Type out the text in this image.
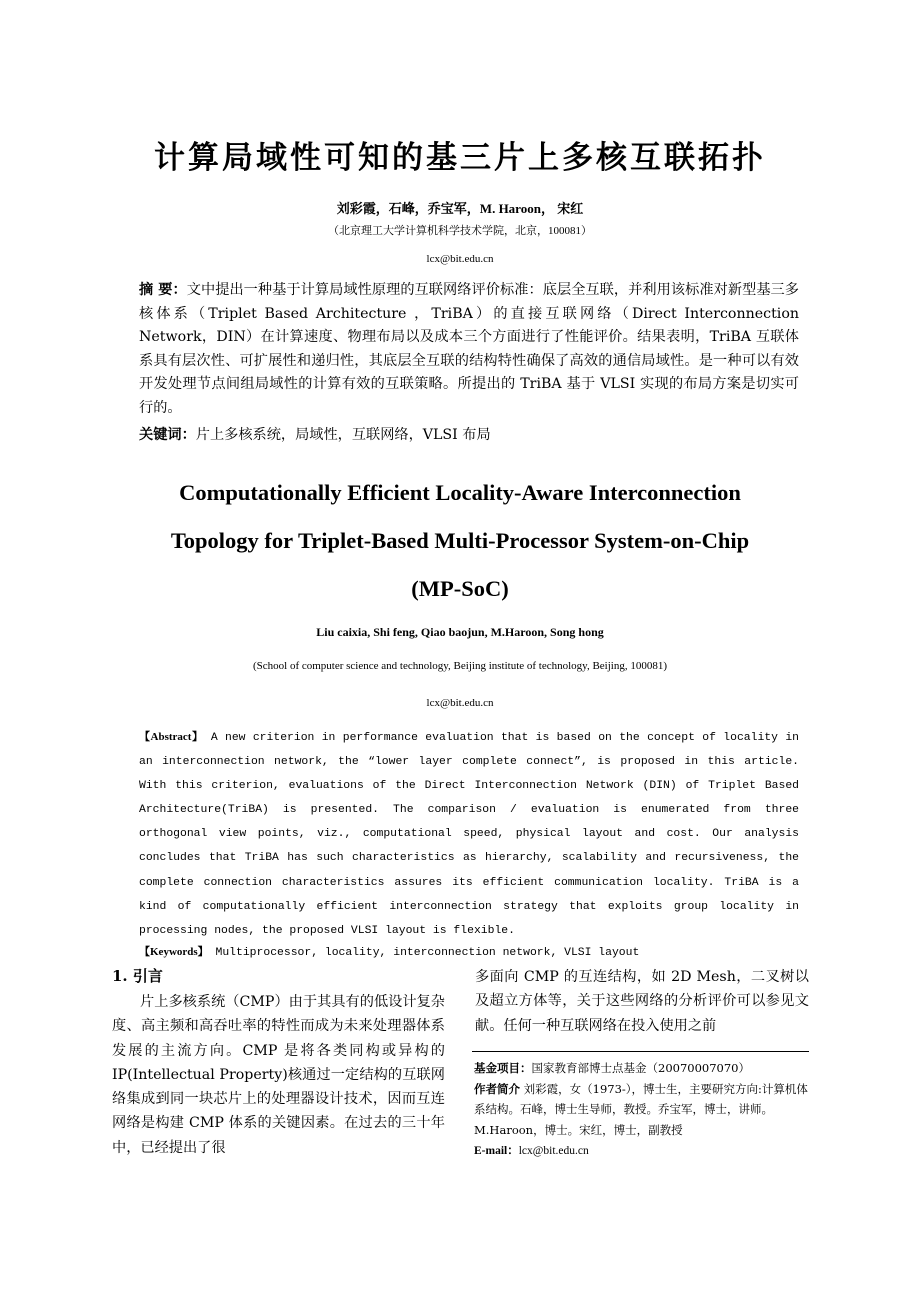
计算局域性可知的基三片上多核互联拓扑
刘彩霞，石峰，乔宝军，M. Haroon， 宋红
（北京理工大学计算机科学技术学院，北京，100081）
lcx@bit.edu.cn
摘 要：文中提出一种基于计算局域性原理的互联网络评价标准：底层全互联，并利用该标准对新型基三多核体系（Triplet Based Architecture ，TriBA）的直接互联网络（Direct Interconnection Network，DIN）在计算速度、物理布局以及成本三个方面进行了性能评价。结果表明，TriBA 互联体系具有层次性、可扩展性和递归性，其底层全互联的结构特性确保了高效的通信局域性。是一种可以有效开发处理节点间组局域性的计算有效的互联策略。所提出的 TriBA 基于 VLSI 实现的布局方案是切实可行的。
关键词：片上多核系统，局域性，互联网络，VLSI 布局
Computationally Efficient Locality-Aware Interconnection
Topology for Triplet-Based Multi-Processor System-on-Chip
(MP-SoC)
Liu caixia, Shi feng, Qiao baojun, M.Haroon, Song hong
(School of computer science and technology, Beijing institute of technology, Beijing, 100081)
lcx@bit.edu.cn
【Abstract】 A new criterion in performance evaluation that is based on the concept of locality in an interconnection network, the “lower layer complete connect”, is proposed in this article. With this criterion, evaluations of the Direct Interconnection Network (DIN) of Triplet Based Architecture(TriBA) is presented. The comparison / evaluation is enumerated from three orthogonal view points, viz., computational speed, physical layout and cost. Our analysis concludes that TriBA has such characteristics as hierarchy, scalability and recursiveness, the complete connection characteristics assures its efficient communication locality. TriBA is a kind of computationally efficient interconnection strategy that exploits group locality in processing nodes, the proposed VLSI layout is flexible.
【Keywords】 Multiprocessor, locality, interconnection network, VLSI layout
1. 引言
片上多核系统（CMP）由于其具有的低设计复杂度、高主频和高吞吐率的特性而成为未来处理器体系发展的主流方向。CMP 是将各类同构或异构的 IP(Intellectual Property)核通过一定结构的互联网络集成到同一块芯片上的处理器设计技术，因而互连网络是构建 CMP 体系的关键因素。在过去的三十年中，已经提出了很
多面向 CMP 的互连结构，如 2D Mesh，二叉树以及超立方体等，关于这些网络的分析评价可以参见文献。任何一种互联网络在投入使用之前
基金项目：国家教育部博士点基金（20070007070）
作者简介 刘彩霞，女（1973-），博士生，主要研究方向:计算机体系结构。石峰，博士生导师，教授。乔宝军，博士，讲师。M.Haroon，博士。宋红，博士，副教授
E-mail：lcx@bit.edu.cn
